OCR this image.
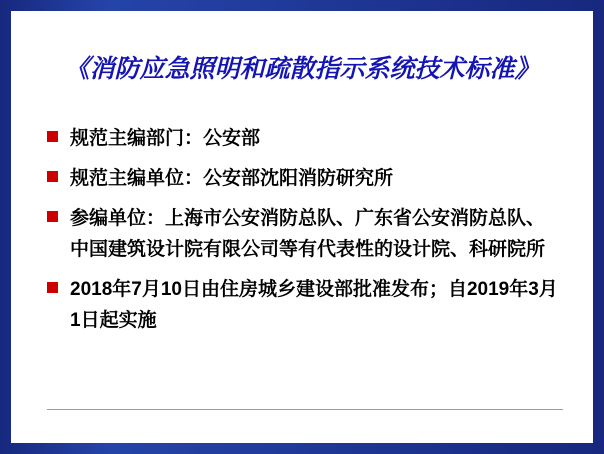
《消防应急照明和疏散指示系统技术标准》
规范主编部门：公安部
规范主编单位：公安部沈阳消防研究所
参编单位：上海市公安消防总队、广东省公安消防总队、中国建筑设计院有限公司等有代表性的设计院、科研院所
2018年7月10日由住房城乡建设部批准发布；自2019年3月1日起实施
